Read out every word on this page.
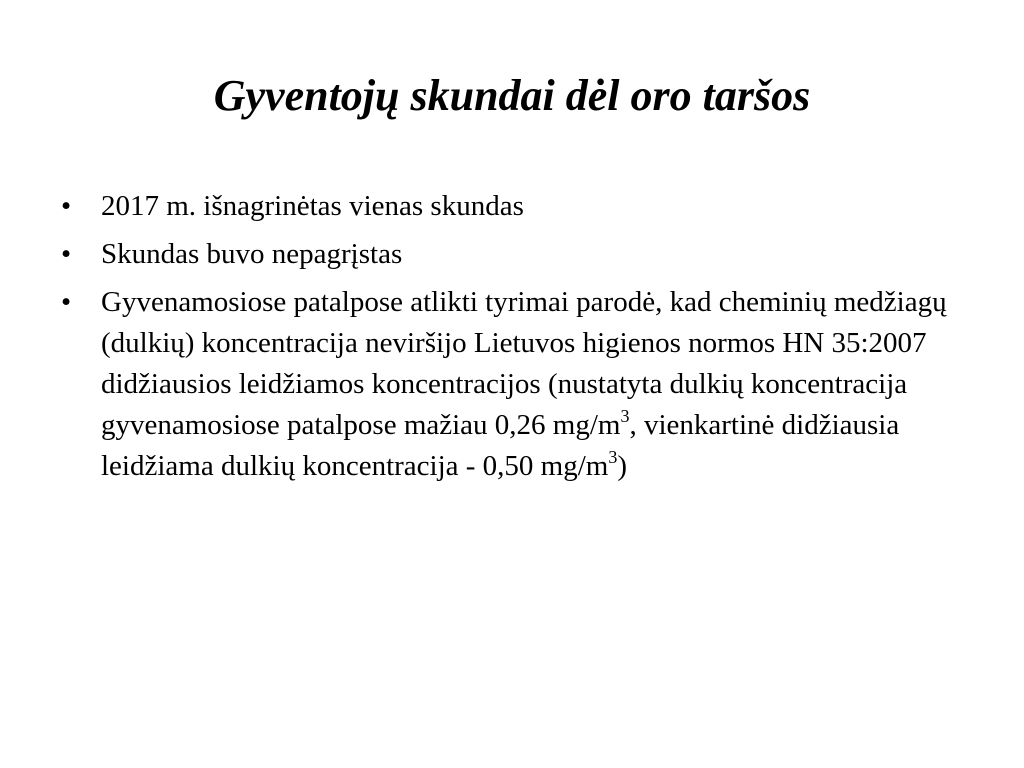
Gyventojų skundai dėl oro taršos
•	2017 m. išnagrinėtas vienas skundas
•	Skundas buvo nepagrįstas
•	Gyvenamosiose patalpose atlikti tyrimai parodė, kad cheminių medžiagų (dulkių) koncentracija neviršijo Lietuvos higienos normos HN 35:2007 didžiausios leidžiamos koncentracijos (nustatyta dulkių koncentracija gyvenamosiose patalpose mažiau 0,26 $mg/m^3$, vienkartinė didžiausia leidžiama dulkių koncentracija - 0,50 $mg/m^3$)
